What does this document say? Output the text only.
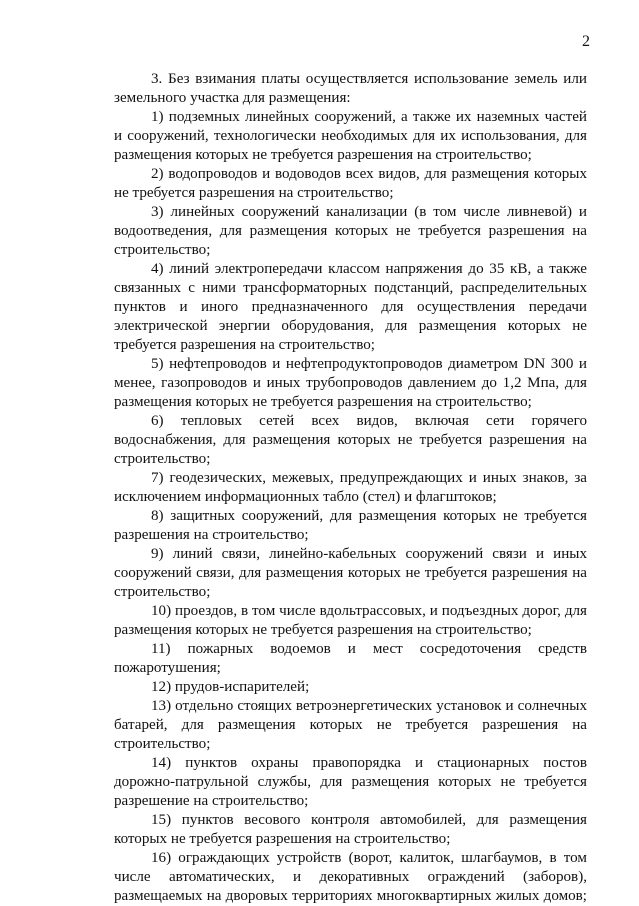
2

3. Без взимания платы осуществляется использование земель или земельного участка для размещения:

1) подземных линейных сооружений, а также их наземных частей и сооружений, технологически необходимых для их использования, для размещения которых не требуется разрешения на строительство;

2) водопроводов и водоводов всех видов, для размещения которых не требуется разрешения на строительство;

3) линейных сооружений канализации (в том числе ливневой) и водоотведения, для размещения которых не требуется разрешения на строительство;

4) линий электропередачи классом напряжения до 35 кВ, а также связанных с ними трансформаторных подстанций, распределительных пунктов и иного предназначенного для осуществления передачи электрической энергии оборудования, для размещения которых не требуется разрешения на строительство;

5) нефтепроводов и нефтепродуктопроводов диаметром DN 300 и менее, газопроводов и иных трубопроводов давлением до 1,2 Мпа, для размещения которых не требуется разрешения на строительство;

6) тепловых сетей всех видов, включая сети горячего водоснабжения, для размещения которых не требуется разрешения на строительство;

7) геодезических, межевых, предупреждающих и иных знаков, за исключением информационных табло (стел) и флагштоков;

8) защитных сооружений, для размещения которых не требуется разрешения на строительство;

9) линий связи, линейно-кабельных сооружений связи и иных сооружений связи, для размещения которых не требуется разрешения на строительство;

10) проездов, в том числе вдольтрассовых, и подъездных дорог, для размещения которых не требуется разрешения на строительство;

11) пожарных водоемов и мест сосредоточения средств пожаротушения;

12) прудов-испарителей;

13) отдельно стоящих ветроэнергетических установок и солнечных батарей, для размещения которых не требуется разрешения на строительство;

14) пунктов охраны правопорядка и стационарных постов дорожно-патрульной службы, для размещения которых не требуется разрешение на строительство;

15) пунктов весового контроля автомобилей, для размещения которых не требуется разрешения на строительство;

16) ограждающих устройств (ворот, калиток, шлагбаумов, в том числе автоматических, и декоративных ограждений (заборов), размещаемых на дворовых территориях многоквартирных жилых домов;
